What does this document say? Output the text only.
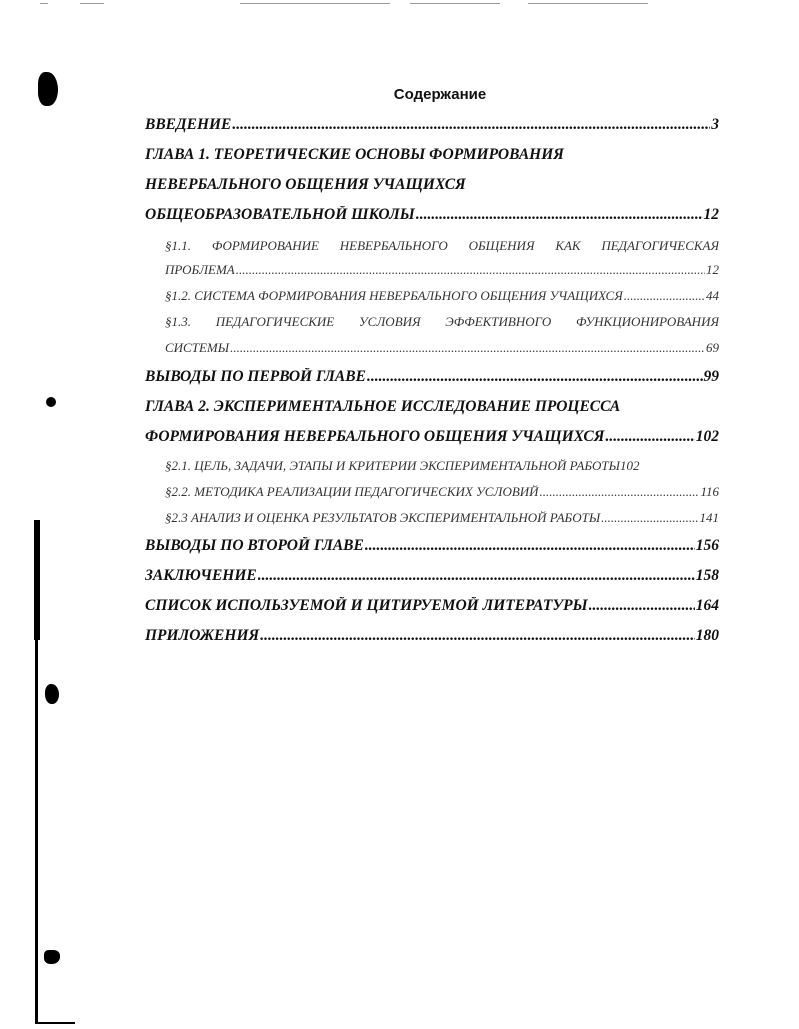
Содержание
ВВЕДЕНИЕ .....	3
ГЛАВА 1. ТЕОРЕТИЧЕСКИЕ ОСНОВЫ ФОРМИРОВАНИЯ
НЕВЕРБАЛЬНОГО ОБЩЕНИЯ УЧАЩИХСЯ
ОБЩЕОБРАЗОВАТЕЛЬНОЙ ШКОЛЫ .....	12
§1.1. ФОРМИРОВАНИЕ НЕВЕРБАЛЬНОГО ОБЩЕНИЯ КАК ПЕДАГОГИЧЕСКАЯ
ПРОБЛЕМА .....	12
§1.2. СИСТЕМА ФОРМИРОВАНИЯ НЕВЕРБАЛЬНОГО ОБЩЕНИЯ УЧАЩИХСЯ .....	44
§1.3. ПЕДАГОГИЧЕСКИЕ УСЛОВИЯ ЭФФЕКТИВНОГО ФУНКЦИОНИРОВАНИЯ
СИСТЕМЫ .....	69
ВЫВОДЫ ПО ПЕРВОЙ ГЛАВЕ .....	99
ГЛАВА 2. ЭКСПЕРИМЕНТАЛЬНОЕ ИССЛЕДОВАНИЕ ПРОЦЕССА
ФОРМИРОВАНИЯ НЕВЕРБАЛЬНОГО ОБЩЕНИЯ УЧАЩИХСЯ .....	102
§2.1. ЦЕЛЬ, ЗАДАЧИ, ЭТАПЫ И КРИТЕРИИ ЭКСПЕРИМЕНТАЛЬНОЙ РАБОТЫ 102
§2.2. МЕТОДИКА РЕАЛИЗАЦИИ ПЕДАГОГИЧЕСКИХ УСЛОВИЙ .....	116
§2.3 АНАЛИЗ И ОЦЕНКА РЕЗУЛЬТАТОВ ЭКСПЕРИМЕНТАЛЬНОЙ РАБОТЫ .....	141
ВЫВОДЫ ПО ВТОРОЙ ГЛАВЕ .....	156
ЗАКЛЮЧЕНИЕ .....	158
СПИСОК ИСПОЛЬЗУЕМОЙ И ЦИТИРУЕМОЙ ЛИТЕРАТУРЫ .....	164
ПРИЛОЖЕНИЯ .....	180
